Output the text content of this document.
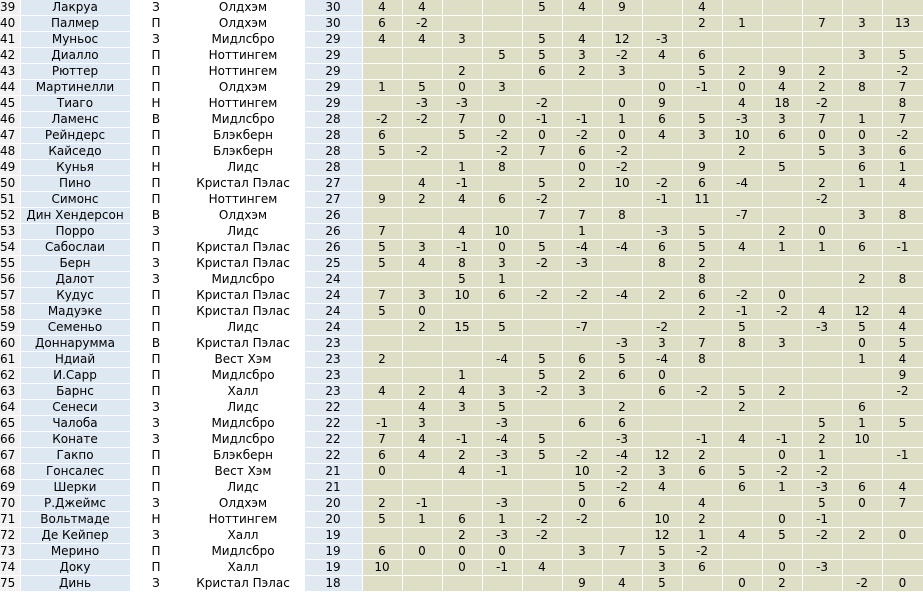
39	Лакруа	З	Олдхэм	30	4	4			5	4	9		4					
40	Палмер	П	Олдхэм	30	6	-2							2	1		7	3	13
41	Муньос	З	Мидлсбро	29	4	4	3		5	4	12	-3						
42	Диалло	П	Ноттингем	29				5	5	3	-2	4	6				3	5
43	Рюттер	П	Ноттингем	29			2		6	2	3		5	2	9	2		-2
44	Мартинелли	П	Олдхэм	29	1	5	0	3				0	-1	0	4	2	8	7
45	Тиаго	Н	Ноттингем	29		-3	-3		-2		0	9		4	18	-2		8
46	Ламенс	В	Мидлсбро	28	-2	-2	7	0	-1	-1	1	6	5	-3	3	7	1	7
47	Рейндерс	П	Блэкберн	28	6		5	-2	0	-2	0	4	3	10	6	0	0	-2
48	Кайседо	П	Блэкберн	28	5	-2		-2	7	6	-2			2		5	3	6
49	Кунья	Н	Лидс	28			1	8		0	-2		9		5		6	1
50	Пино	П	Кристал Пэлас	27		4	-1		5	2	10	-2	6	-4		2	1	4
51	Симонс	П	Ноттингем	27	9	2	4	6	-2			-1	11			-2		
52	Дин Хендерсон	В	Олдхэм	26					7	7	8			-7			3	8
53	Порро	З	Лидс	26	7		4	10		1		-3	5		2	0		
54	Сабослаи	П	Кристал Пэлас	26	5	3	-1	0	5	-4	-4	6	5	4	1	1	6	-1
55	Берн	З	Кристал Пэлас	25	5	4	8	3	-2	-3		8	2					
56	Далот	З	Мидлсбро	24			5	1					8				2	8
57	Кудус	П	Кристал Пэлас	24	7	3	10	6	-2	-2	-4	2	6	-2	0			
58	Мадуэке	П	Кристал Пэлас	24	5	0							2	-1	-2	4	12	4
59	Семеньо	П	Лидс	24		2	15	5		-7		-2		5		-3	5	4
60	Доннарумма	В	Кристал Пэлас	23							-3	3	7	8	3		0	5
61	Ндиай	П	Вест Хэм	23	2			-4	5	6	5	-4	8				1	4
62	И.Сарр	П	Мидлсбро	23			1		5	2	6	0						9
63	Барнс	П	Халл	23	4	2	4	3	-2	3		6	-2	5	2			-2
64	Сенеси	З	Лидс	22		4	3	5			2			2			6	
65	Чалоба	З	Мидлсбро	22	-1	3		-3		6	6					5	1	5
66	Конате	З	Мидлсбро	22	7	4	-1	-4	5		-3		-1	4	-1	2	10	
67	Гакпо	П	Блэкберн	22	6	4	2	-3	5	-2	-4	12	2		0	1		-1
68	Гонсалес	П	Вест Хэм	21	0		4	-1		10	-2	3	6	5	-2	-2		
69	Шерки	П	Лидс	21						5	-2	4		6	1	-3	6	4
70	Р.Джеймс	З	Олдхэм	20	2	-1		-3		0	6		4			5	0	7
71	Вольтмаде	Н	Ноттингем	20	5	1	6	1	-2	-2		10	2		0	-1		
72	Де Кейпер	З	Халл	19			2	-3	-2			12	1	4	5	-2	2	0
73	Мерино	П	Мидлсбро	19	6	0	0	0		3	7	5	-2					
74	Доку	П	Халл	19	10		0	-1	4			3	6		0	-3		
75	Динь	З	Кристал Пэлас	18						9	4	5		0	2		-2	0
